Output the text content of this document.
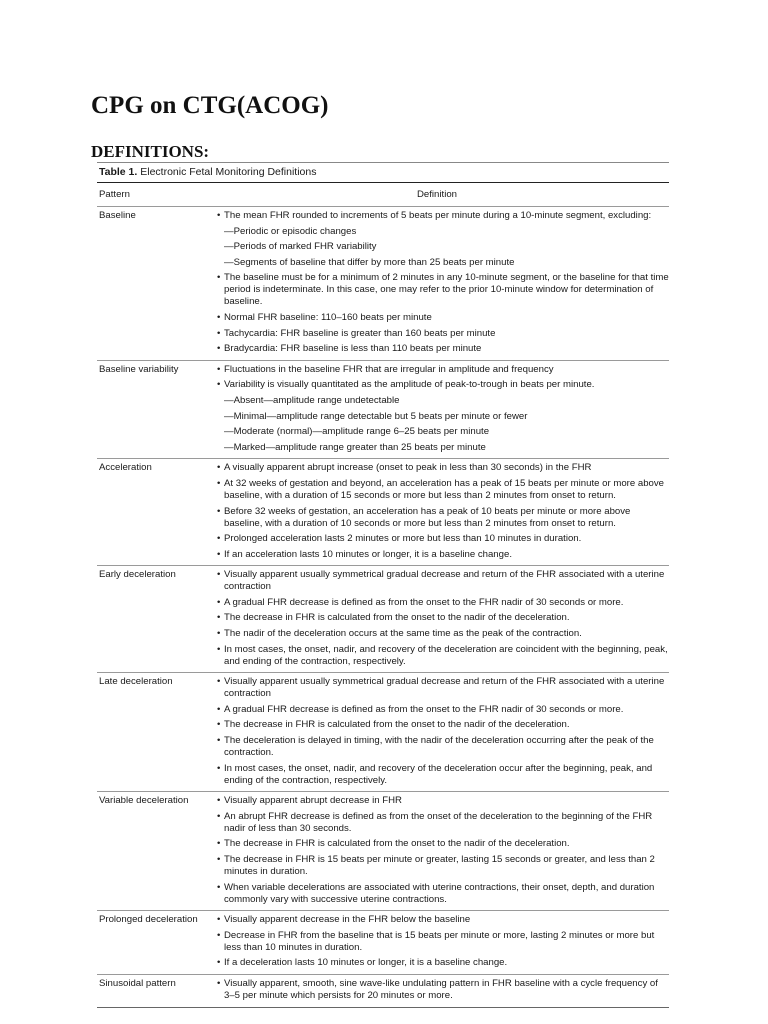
CPG on CTG(ACOG)
DEFINITIONS:
Table 1. Electronic Fetal Monitoring Definitions
Pattern	Definition
Baseline	• The mean FHR rounded to increments of 5 beats per minute during a 10-minute segment, excluding:
—Periodic or episodic changes
—Periods of marked FHR variability
—Segments of baseline that differ by more than 25 beats per minute
• The baseline must be for a minimum of 2 minutes in any 10-minute segment, or the baseline for that time period is indeterminate. In this case, one may refer to the prior 10-minute window for determination of baseline.
• Normal FHR baseline: 110–160 beats per minute
• Tachycardia: FHR baseline is greater than 160 beats per minute
• Bradycardia: FHR baseline is less than 110 beats per minute
Baseline variability	• Fluctuations in the baseline FHR that are irregular in amplitude and frequency
• Variability is visually quantitated as the amplitude of peak-to-trough in beats per minute.
—Absent—amplitude range undetectable
—Minimal—amplitude range detectable but 5 beats per minute or fewer
—Moderate (normal)—amplitude range 6–25 beats per minute
—Marked—amplitude range greater than 25 beats per minute
Acceleration	• A visually apparent abrupt increase (onset to peak in less than 30 seconds) in the FHR
• At 32 weeks of gestation and beyond, an acceleration has a peak of 15 beats per minute or more above baseline, with a duration of 15 seconds or more but less than 2 minutes from onset to return.
• Before 32 weeks of gestation, an acceleration has a peak of 10 beats per minute or more above baseline, with a duration of 10 seconds or more but less than 2 minutes from onset to return.
• Prolonged acceleration lasts 2 minutes or more but less than 10 minutes in duration.
• If an acceleration lasts 10 minutes or longer, it is a baseline change.
Early deceleration	• Visually apparent usually symmetrical gradual decrease and return of the FHR associated with a uterine contraction
• A gradual FHR decrease is defined as from the onset to the FHR nadir of 30 seconds or more.
• The decrease in FHR is calculated from the onset to the nadir of the deceleration.
• The nadir of the deceleration occurs at the same time as the peak of the contraction.
• In most cases, the onset, nadir, and recovery of the deceleration are coincident with the beginning, peak, and ending of the contraction, respectively.
Late deceleration	• Visually apparent usually symmetrical gradual decrease and return of the FHR associated with a uterine contraction
• A gradual FHR decrease is defined as from the onset to the FHR nadir of 30 seconds or more.
• The decrease in FHR is calculated from the onset to the nadir of the deceleration.
• The deceleration is delayed in timing, with the nadir of the deceleration occurring after the peak of the contraction.
• In most cases, the onset, nadir, and recovery of the deceleration occur after the beginning, peak, and ending of the contraction, respectively.
Variable deceleration	• Visually apparent abrupt decrease in FHR
• An abrupt FHR decrease is defined as from the onset of the deceleration to the beginning of the FHR nadir of less than 30 seconds.
• The decrease in FHR is calculated from the onset to the nadir of the deceleration.
• The decrease in FHR is 15 beats per minute or greater, lasting 15 seconds or greater, and less than 2 minutes in duration.
• When variable decelerations are associated with uterine contractions, their onset, depth, and duration commonly vary with successive uterine contractions.
Prolonged deceleration	• Visually apparent decrease in the FHR below the baseline
• Decrease in FHR from the baseline that is 15 beats per minute or more, lasting 2 minutes or more but less than 10 minutes in duration.
• If a deceleration lasts 10 minutes or longer, it is a baseline change.
Sinusoidal pattern	• Visually apparent, smooth, sine wave-like undulating pattern in FHR baseline with a cycle frequency of 3–5 per minute which persists for 20 minutes or more.
